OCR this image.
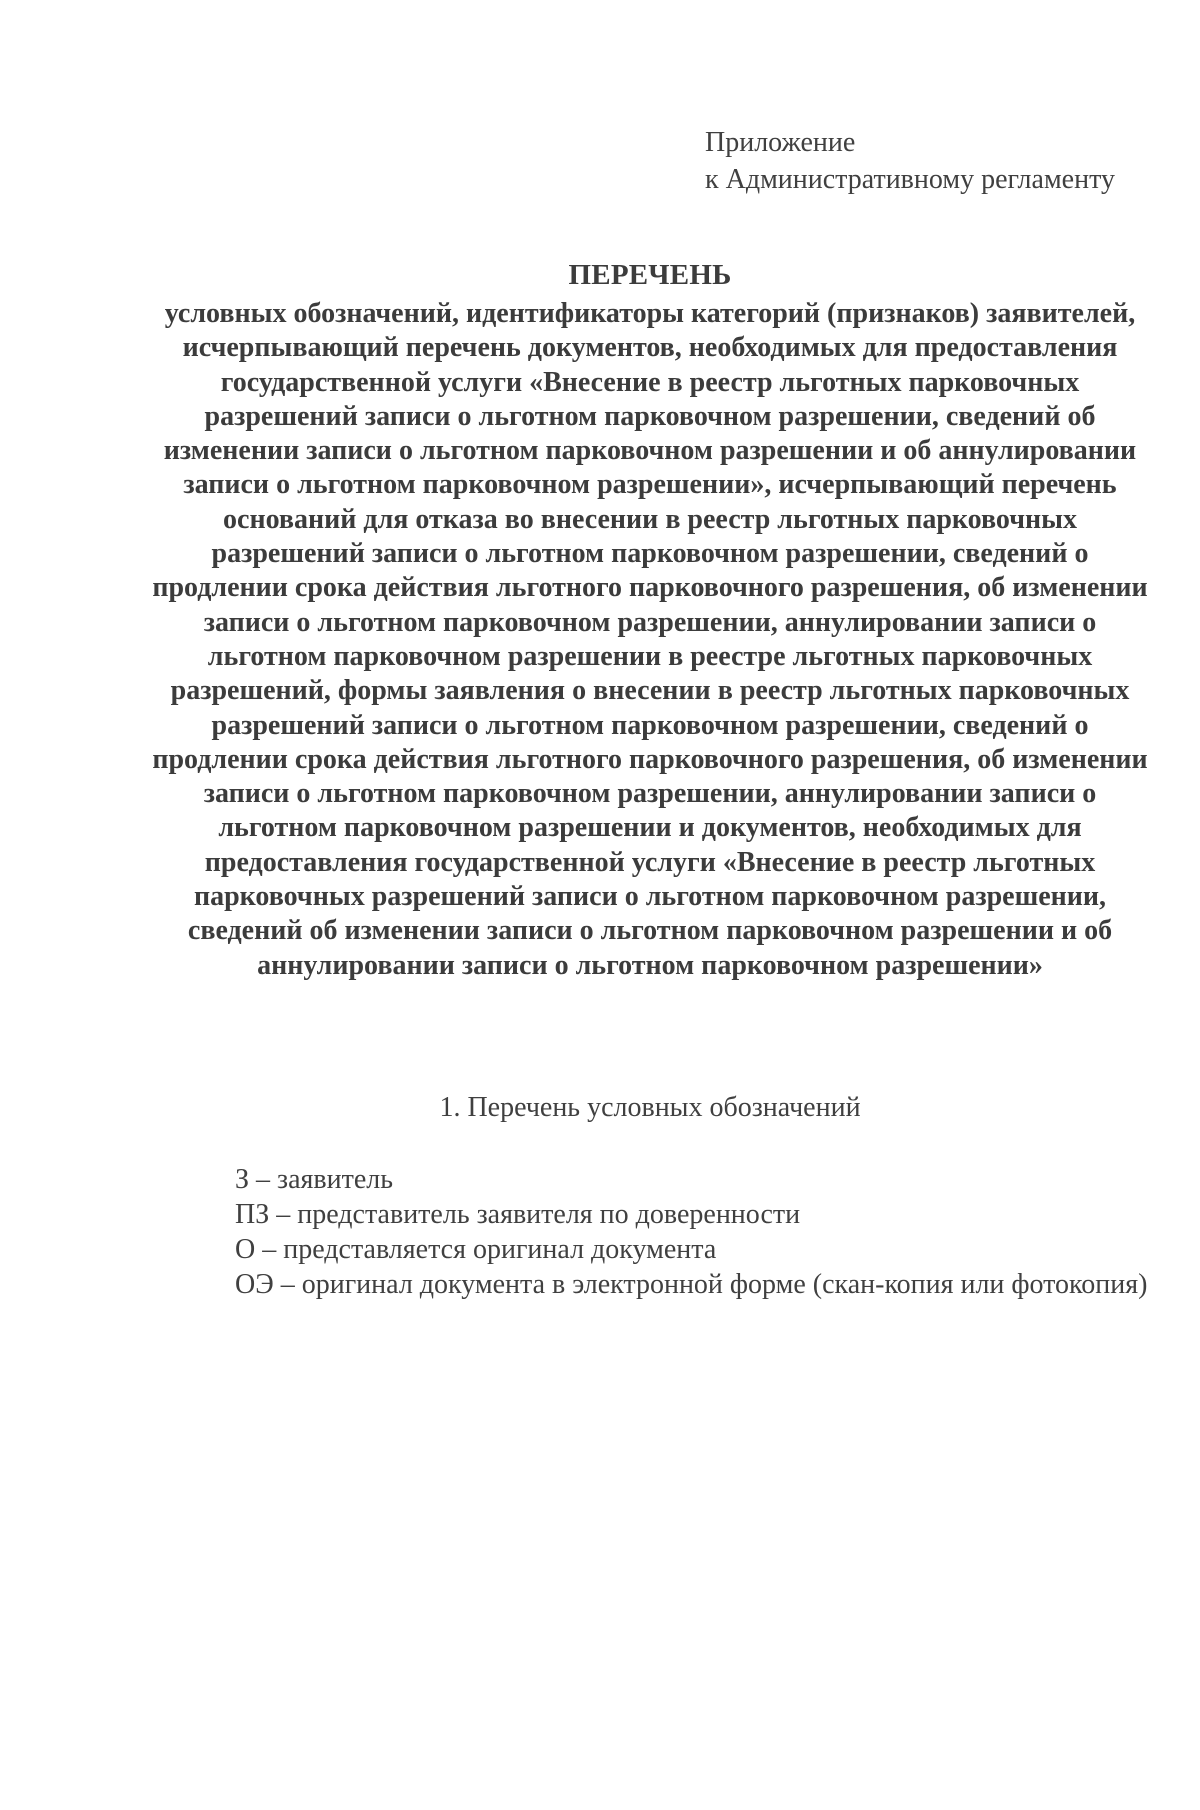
Приложение
к Административному регламенту
ПЕРЕЧЕНЬ
условных обозначений, идентификаторы категорий (признаков) заявителей, исчерпывающий перечень документов, необходимых для предоставления государственной услуги «Внесение в реестр льготных парковочных разрешений записи о льготном парковочном разрешении, сведений об изменении записи о льготном парковочном разрешении и об аннулировании записи о льготном парковочном разрешении», исчерпывающий перечень оснований для отказа во внесении в реестр льготных парковочных разрешений записи о льготном парковочном разрешении, сведений о продлении срока действия льготного парковочного разрешения, об изменении записи о льготном парковочном разрешении, аннулировании записи о льготном парковочном разрешении в реестре льготных парковочных разрешений, формы заявления о внесении в реестр льготных парковочных разрешений записи о льготном парковочном разрешении, сведений о продлении срока действия льготного парковочного разрешения, об изменении записи о льготном парковочном разрешении, аннулировании записи о льготном парковочном разрешении и документов, необходимых для предоставления государственной услуги «Внесение в реестр льготных парковочных разрешений записи о льготном парковочном разрешении, сведений об изменении записи о льготном парковочном разрешении и об аннулировании записи о льготном парковочном разрешении»
1. Перечень условных обозначений

З – заявитель

ПЗ – представитель заявителя по доверенности

О – представляется оригинал документа

ОЭ – оригинал документа в электронной форме (скан-копия или фотокопия)
